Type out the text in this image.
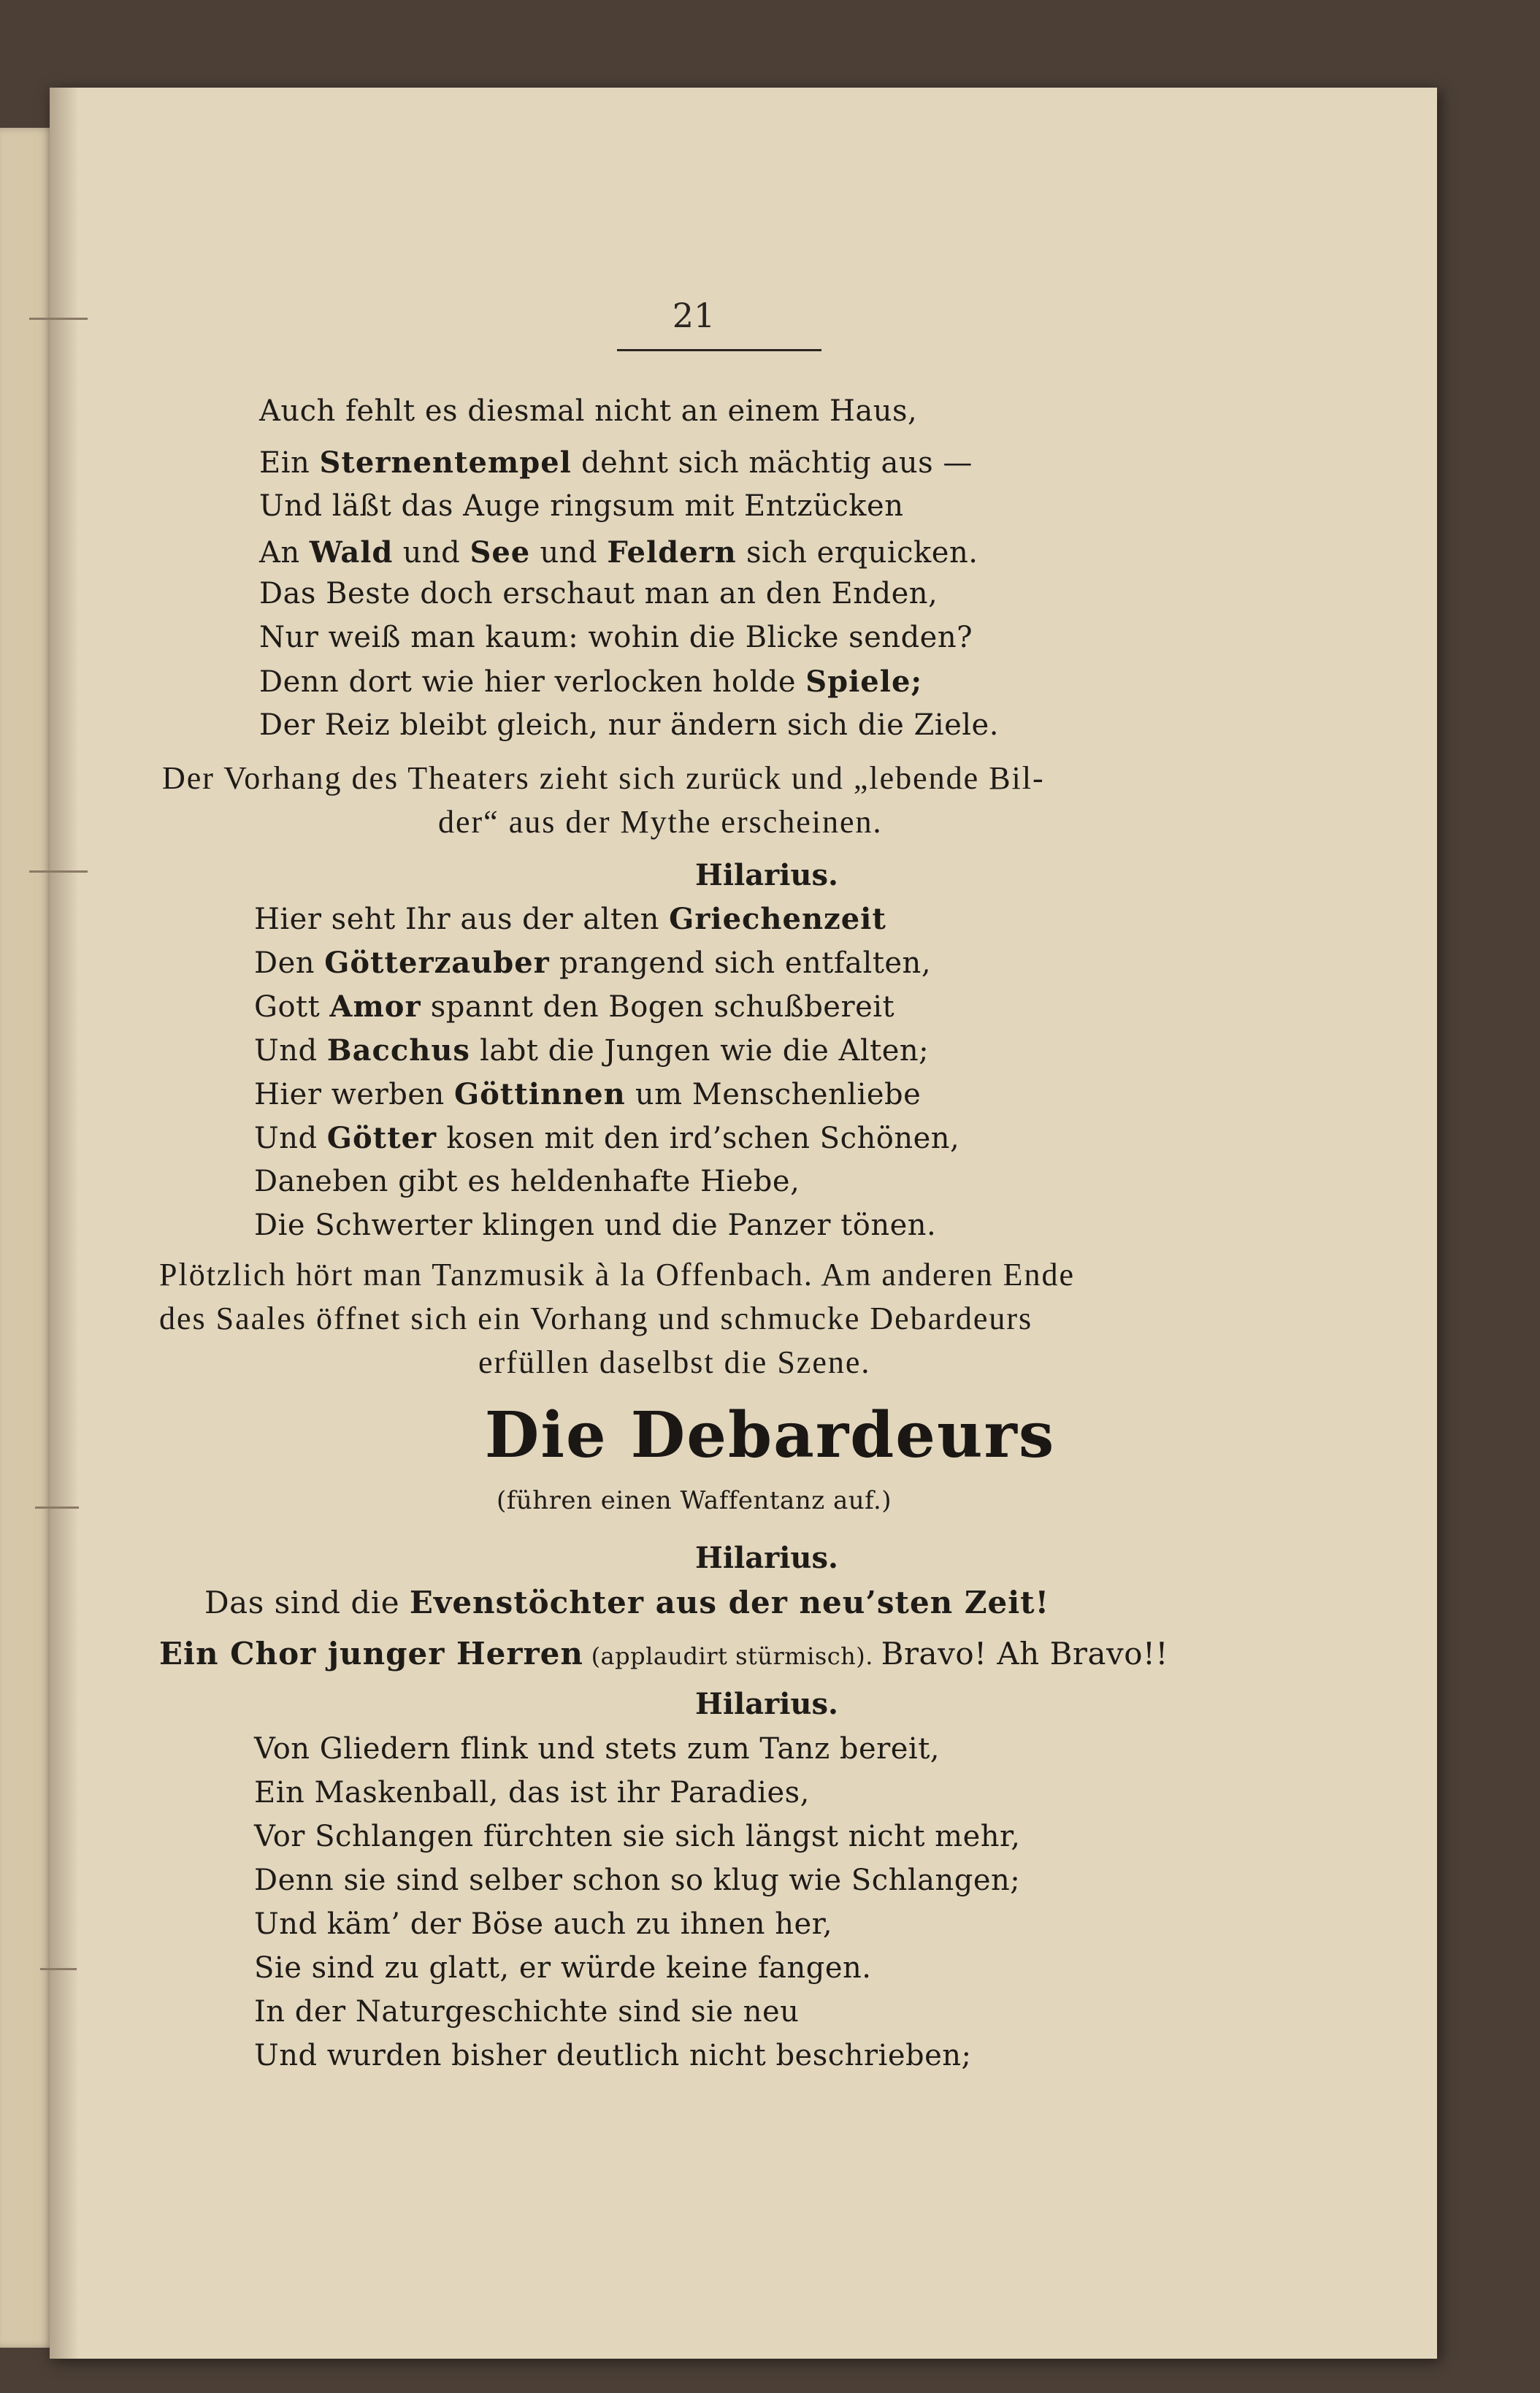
21
Auch fehlt es diesmal nicht an einem Haus,
Ein Sternentempel dehnt sich mächtig aus —
Und läßt das Auge ringsum mit Entzücken
An Wald und See und Feldern sich erquicken.
Das Beste doch erschaut man an den Enden,
Nur weiß man kaum: wohin die Blicke senden?
Denn dort wie hier verlocken holde Spiele;
Der Reiz bleibt gleich, nur ändern sich die Ziele.
Der Vorhang des Theaters zieht sich zurück und „lebende Bil-
der“ aus der Mythe erscheinen.
Hilarius.
Hier seht Ihr aus der alten Griechenzeit
Den Götterzauber prangend sich entfalten,
Gott Amor spannt den Bogen schußbereit
Und Bacchus labt die Jungen wie die Alten;
Hier werben Göttinnen um Menschenliebe
Und Götter kosen mit den ird’schen Schönen,
Daneben gibt es heldenhafte Hiebe,
Die Schwerter klingen und die Panzer tönen.
Plötzlich hört man Tanzmusik à la Offenbach. Am anderen Ende
des Saales öffnet sich ein Vorhang und schmucke Debardeurs
erfüllen daselbst die Szene.
Die Debardeurs
(führen einen Waffentanz auf.)
Hilarius.
Das sind die Evenstöchter aus der neu’sten Zeit!
Ein Chor junger Herren (applaudirt stürmisch). Bravo! Ah Bravo!!
Hilarius.
Von Gliedern flink und stets zum Tanz bereit,
Ein Maskenball, das ist ihr Paradies,
Vor Schlangen fürchten sie sich längst nicht mehr,
Denn sie sind selber schon so klug wie Schlangen;
Und käm’ der Böse auch zu ihnen her,
Sie sind zu glatt, er würde keine fangen.
In der Naturgeschichte sind sie neu
Und wurden bisher deutlich nicht beschrieben;
